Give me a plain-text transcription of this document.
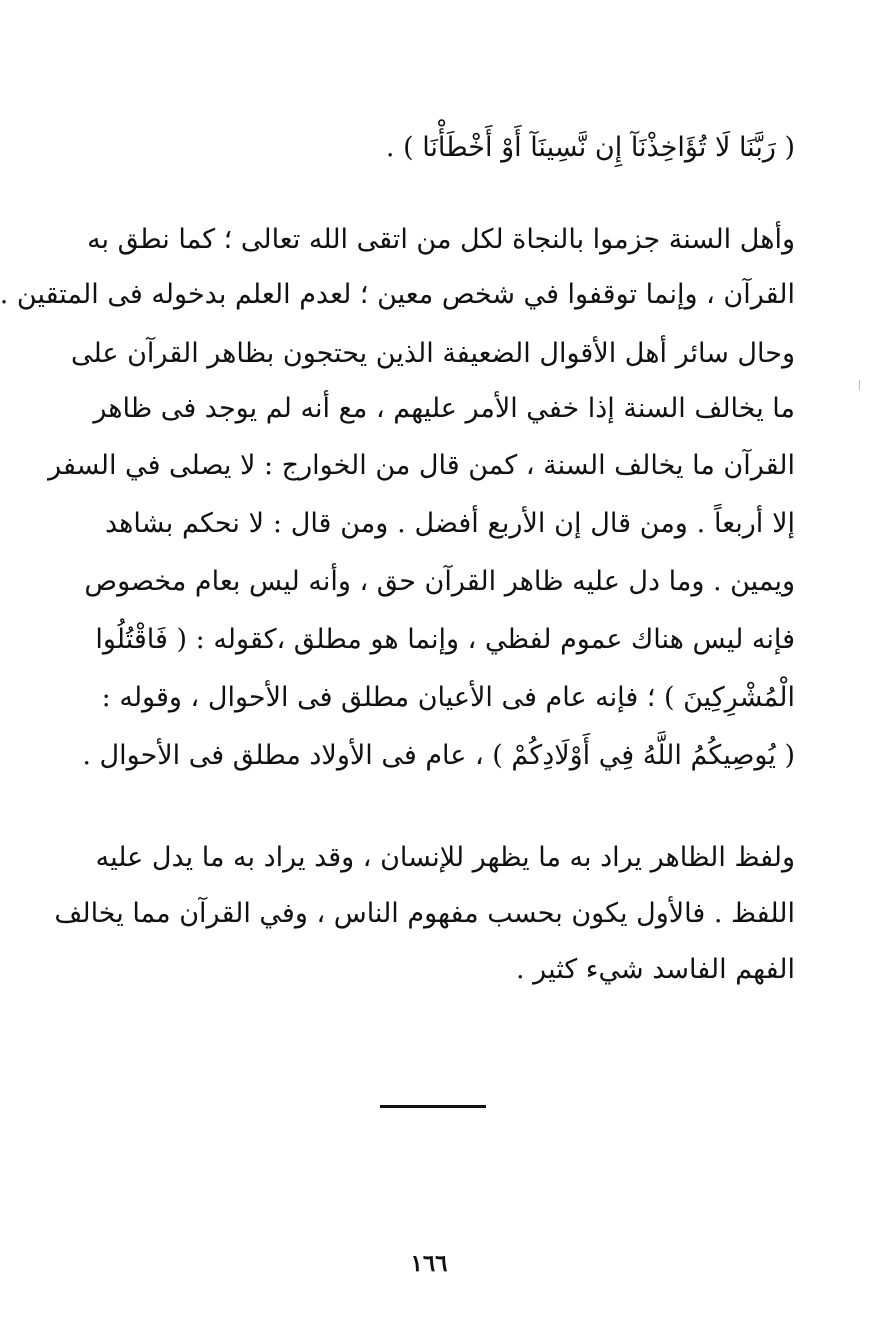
( رَبَّنَا لَا تُؤَاخِذْنَآ إِن نَّسِينَآ أَوْ أَخْطَأْنَا ) .
وأهل السنة جزموا بالنجاة لكل من اتقى الله تعالى ؛ كما نطق به
القرآن ، وإنما توقفوا في شخص معين ؛ لعدم العلم بدخوله فى المتقين .
وحال سائر أهل الأقوال الضعيفة الذين يحتجون بظاهر القرآن على
ما يخالف السنة إذا خفي الأمر عليهم ، مع أنه لم يوجد فى ظاهر
القرآن ما يخالف السنة ، كمن قال من الخوارج : لا يصلى في السفر
إلا أربعاً . ومن قال إن الأربع أفضل . ومن قال : لا نحكم بشاهد
ويمين . وما دل عليه ظاهر القرآن حق ، وأنه ليس بعام مخصوص
فإنه ليس هناك عموم لفظي ، وإنما هو مطلق ،كقوله : ( فَاقْتُلُوا
الْمُشْرِكِينَ ) ؛ فإنه عام فى الأعيان مطلق فى الأحوال ، وقوله :
( يُوصِيكُمُ اللَّهُ فِي أَوْلَادِكُمْ ) ، عام فى الأولاد مطلق فى الأحوال .
ولفظ الظاهر يراد به ما يظهر للإنسان ، وقد يراد به ما يدل عليه
اللفظ . فالأول يكون بحسب مفهوم الناس ، وفي القرآن مما يخالف
الفهم الفاسد شيء كثير .
١٦٦
